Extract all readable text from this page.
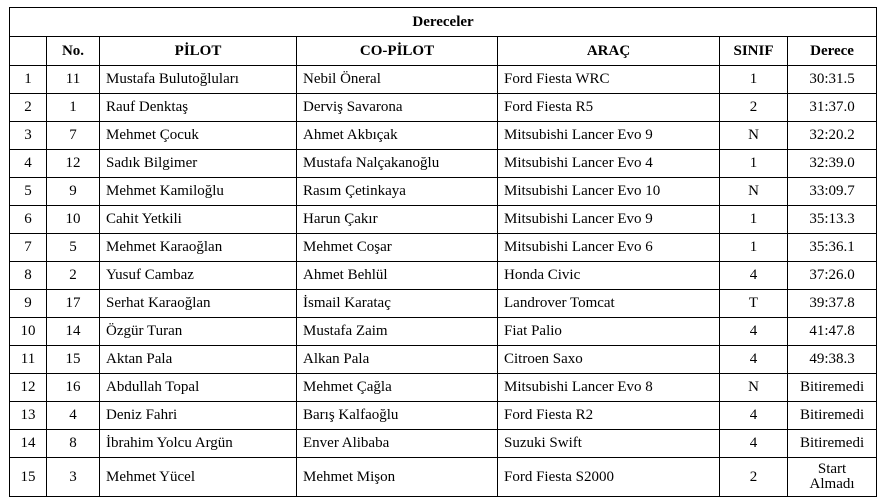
Dereceler						
	No.	PİLOT	CO-PİLOT	ARAÇ	SINIF	Derece
1	11	Mustafa Bulutoğluları	Nebil Öneral	Ford Fiesta WRC	1	30:31.5
2	1	Rauf Denktaş	Derviş Savarona	Ford Fiesta R5	2	31:37.0
3	7	Mehmet Çocuk	Ahmet Akbıçak	Mitsubishi Lancer Evo 9	N	32:20.2
4	12	Sadık Bilgimer	Mustafa Nalçakanoğlu	Mitsubishi Lancer Evo 4	1	32:39.0
5	9	Mehmet Kamiloğlu	Rasım Çetinkaya	Mitsubishi Lancer Evo 10	N	33:09.7
6	10	Cahit Yetkili	Harun Çakır	Mitsubishi Lancer Evo 9	1	35:13.3
7	5	Mehmet Karaoğlan	Mehmet Coşar	Mitsubishi Lancer Evo 6	1	35:36.1
8	2	Yusuf Cambaz	Ahmet Behlül	Honda Civic	4	37:26.0
9	17	Serhat Karaoğlan	İsmail Karataç	Landrover Tomcat	T	39:37.8
10	14	Özgür Turan	Mustafa Zaim	Fiat Palio	4	41:47.8
11	15	Aktan Pala	Alkan Pala	Citroen Saxo	4	49:38.3
12	16	Abdullah Topal	Mehmet Çağla	Mitsubishi Lancer Evo 8	N	Bitiremedi
13	4	Deniz Fahri	Barış Kalfaoğlu	Ford Fiesta R2	4	Bitiremedi
14	8	İbrahim Yolcu Argün	Enver Alibaba	Suzuki Swift	4	Bitiremedi
15	3	Mehmet Yücel	Mehmet Mişon	Ford Fiesta S2000	2	Start Almadı
